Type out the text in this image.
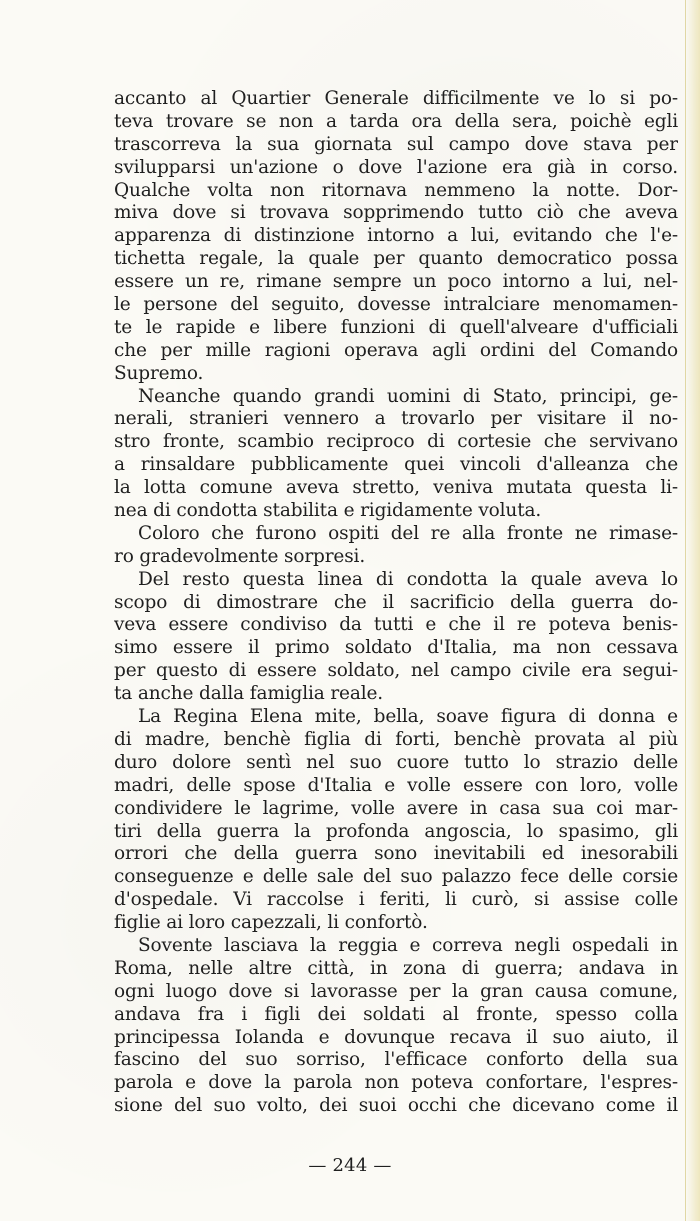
accanto al Quartier Generale difficilmente ve lo si po-
teva trovare se non a tarda ora della sera, poichè egli
trascorreva la sua giornata sul campo dove stava per
svilupparsi un'azione o dove l'azione era già in corso.
Qualche volta non ritornava nemmeno la notte. Dor-
miva dove si trovava sopprimendo tutto ciò che aveva
apparenza di distinzione intorno a lui, evitando che l'e-
tichetta regale, la quale per quanto democratico possa
essere un re, rimane sempre un poco intorno a lui, nel-
le persone del seguito, dovesse intralciare menomamen-
te le rapide e libere funzioni di quell'alveare d'ufficiali
che per mille ragioni operava agli ordini del Comando
Supremo.
Neanche quando grandi uomini di Stato, principi, ge-
nerali, stranieri vennero a trovarlo per visitare il no-
stro fronte, scambio reciproco di cortesie che servivano
a rinsaldare pubblicamente quei vincoli d'alleanza che
la lotta comune aveva stretto, veniva mutata questa li-
nea di condotta stabilita e rigidamente voluta.
Coloro che furono ospiti del re alla fronte ne rimase-
ro gradevolmente sorpresi.
Del resto questa linea di condotta la quale aveva lo
scopo di dimostrare che il sacrificio della guerra do-
veva essere condiviso da tutti e che il re poteva benis-
simo essere il primo soldato d'Italia, ma non cessava
per questo di essere soldato, nel campo civile era segui-
ta anche dalla famiglia reale.
La Regina Elena mite, bella, soave figura di donna e
di madre, benchè figlia di forti, benchè provata al più
duro dolore sentì nel suo cuore tutto lo strazio delle
madri, delle spose d'Italia e volle essere con loro, volle
condividere le lagrime, volle avere in casa sua coi mar-
tiri della guerra la profonda angoscia, lo spasimo, gli
orrori che della guerra sono inevitabili ed inesorabili
conseguenze e delle sale del suo palazzo fece delle corsie
d'ospedale. Vi raccolse i feriti, li curò, si assise colle
figlie ai loro capezzali, li confortò.
Sovente lasciava la reggia e correva negli ospedali in
Roma, nelle altre città, in zona di guerra; andava in
ogni luogo dove si lavorasse per la gran causa comune,
andava fra i figli dei soldati al fronte, spesso colla
principessa Iolanda e dovunque recava il suo aiuto, il
fascino del suo sorriso, l'efficace conforto della sua
parola e dove la parola non poteva confortare, l'espres-
sione del suo volto, dei suoi occhi che dicevano come il
— 244 —
